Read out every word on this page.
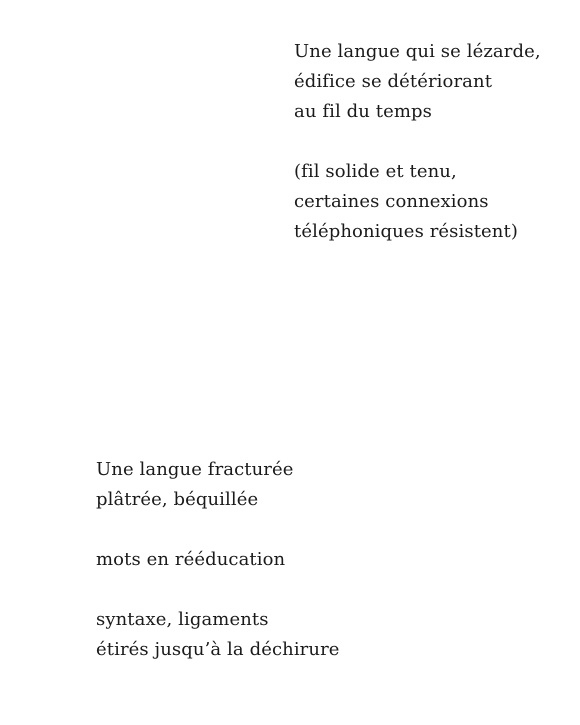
Une langue qui se lézarde,
édifice se détériorant
au fil du temps
(fil solide et tenu,
certaines connexions
téléphoniques résistent)
Une langue fracturée
plâtrée, béquillée
mots en rééducation
syntaxe, ligaments
étirés jusqu’à la déchirure
